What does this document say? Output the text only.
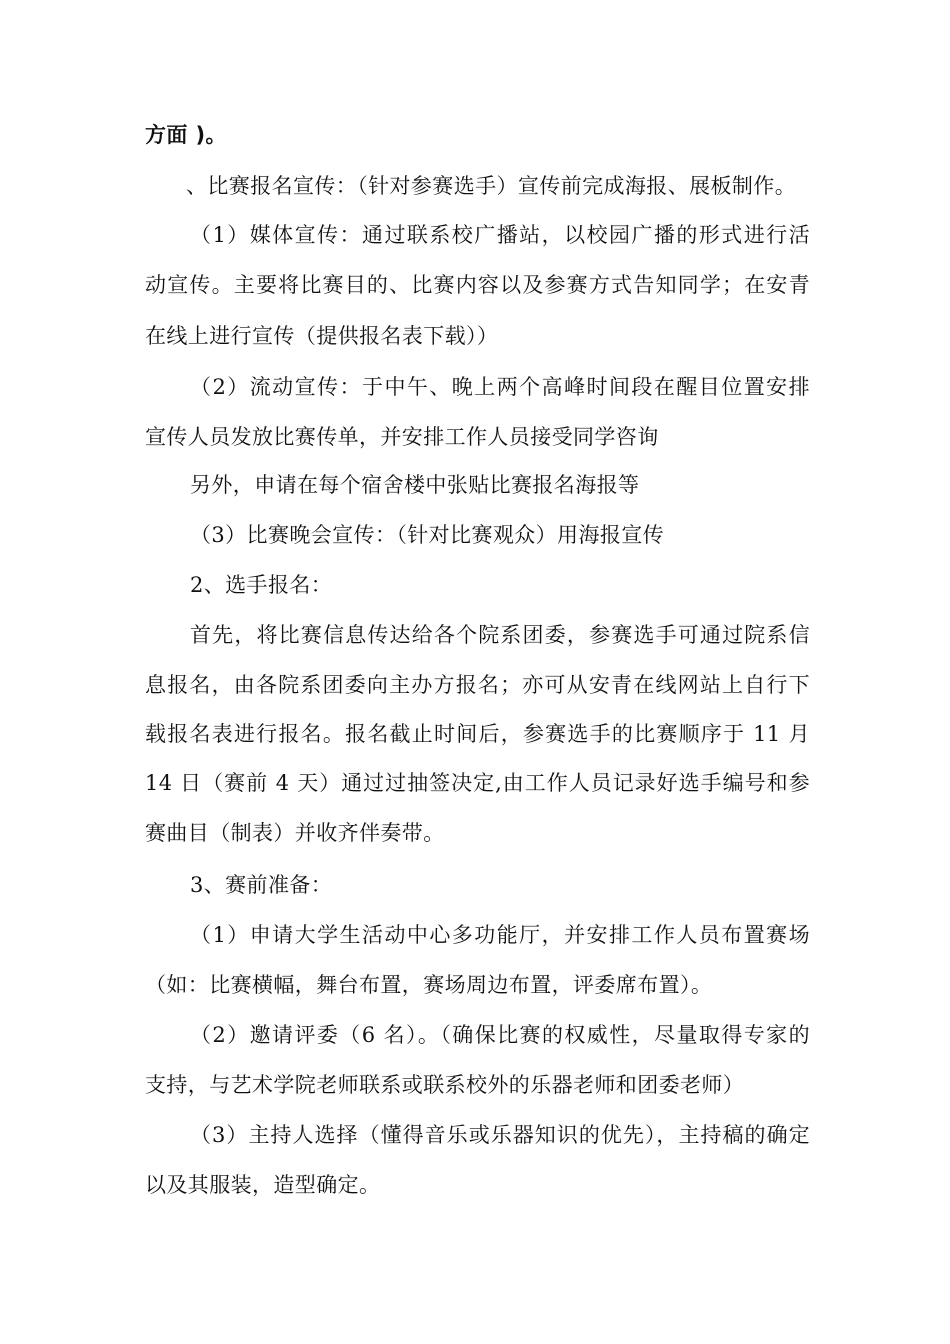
方面 )。
、比赛报名宣传：（针对参赛选手）宣传前完成海报、展板制作。
（1）媒体宣传：通过联系校广播站，以校园广播的形式进行活
动宣传。主要将比赛目的、比赛内容以及参赛方式告知同学；在安青
在线上进行宣传（提供报名表下载））
（2）流动宣传：于中午、晚上两个高峰时间段在醒目位置安排
宣传人员发放比赛传单，并安排工作人员接受同学咨询
另外，申请在每个宿舍楼中张贴比赛报名海报等
（3）比赛晚会宣传：（针对比赛观众）用海报宣传
2、选手报名：
首先，将比赛信息传达给各个院系团委，参赛选手可通过院系信
息报名，由各院系团委向主办方报名；亦可从安青在线网站上自行下
载报名表进行报名。报名截止时间后，参赛选手的比赛顺序于 11 月
14 日（赛前 4 天）通过过抽签决定,由工作人员记录好选手编号和参
赛曲目（制表）并收齐伴奏带。
3、赛前准备：
（1）申请大学生活动中心多功能厅，并安排工作人员布置赛场
（如：比赛横幅，舞台布置，赛场周边布置，评委席布置）。
（2）邀请评委（6 名）。（确保比赛的权威性，尽量取得专家的
支持，与艺术学院老师联系或联系校外的乐器老师和团委老师）
（3）主持人选择（懂得音乐或乐器知识的优先），主持稿的确定
以及其服装，造型确定。
